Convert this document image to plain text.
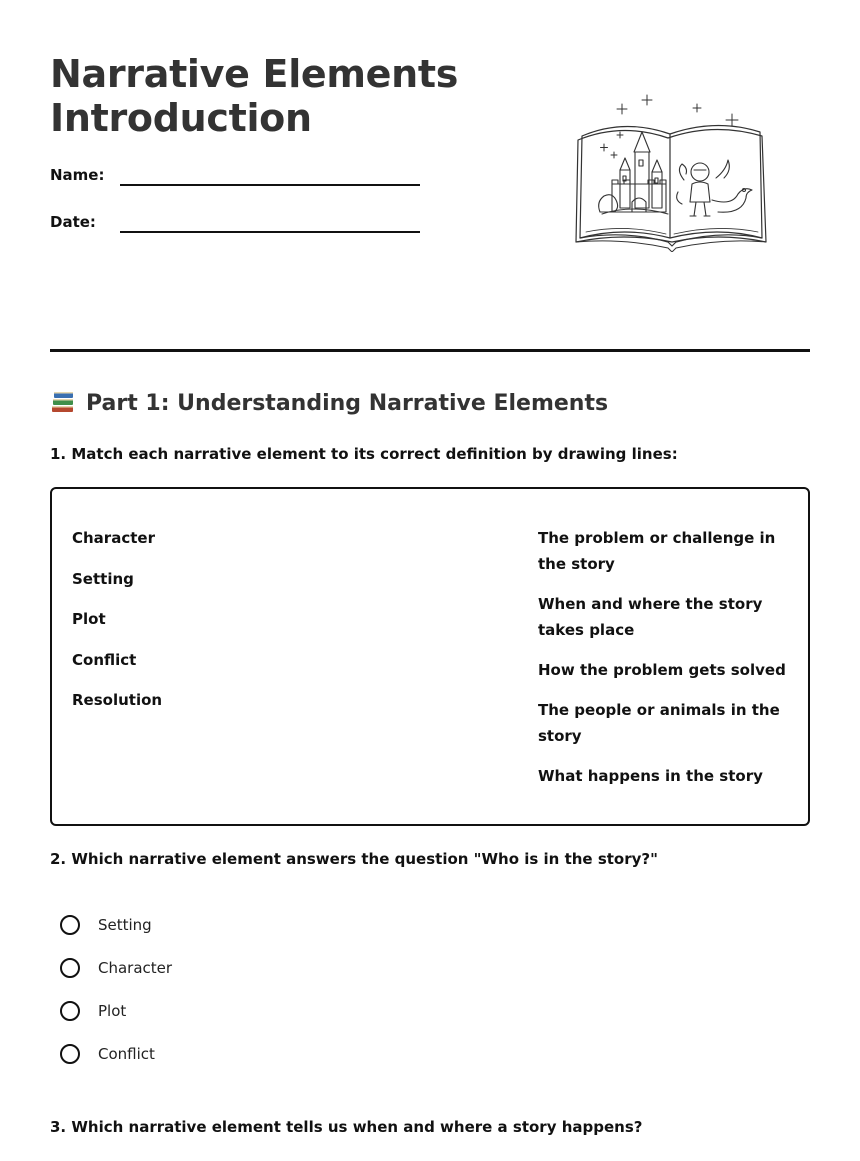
Narrative Elements
Introduction
Name:
Date:
Part 1: Understanding Narrative Elements

1. Match each narrative element to its correct definition by drawing lines:

Character
Setting
Plot
Conflict
Resolution
The problem or challenge in the story
When and where the story takes place
How the problem gets solved
The people or animals in the story
What happens in the story

2. Which narrative element answers the question "Who is in the story?"

Setting
Character
Plot
Conflict

3. Which narrative element tells us when and where a story happens?
